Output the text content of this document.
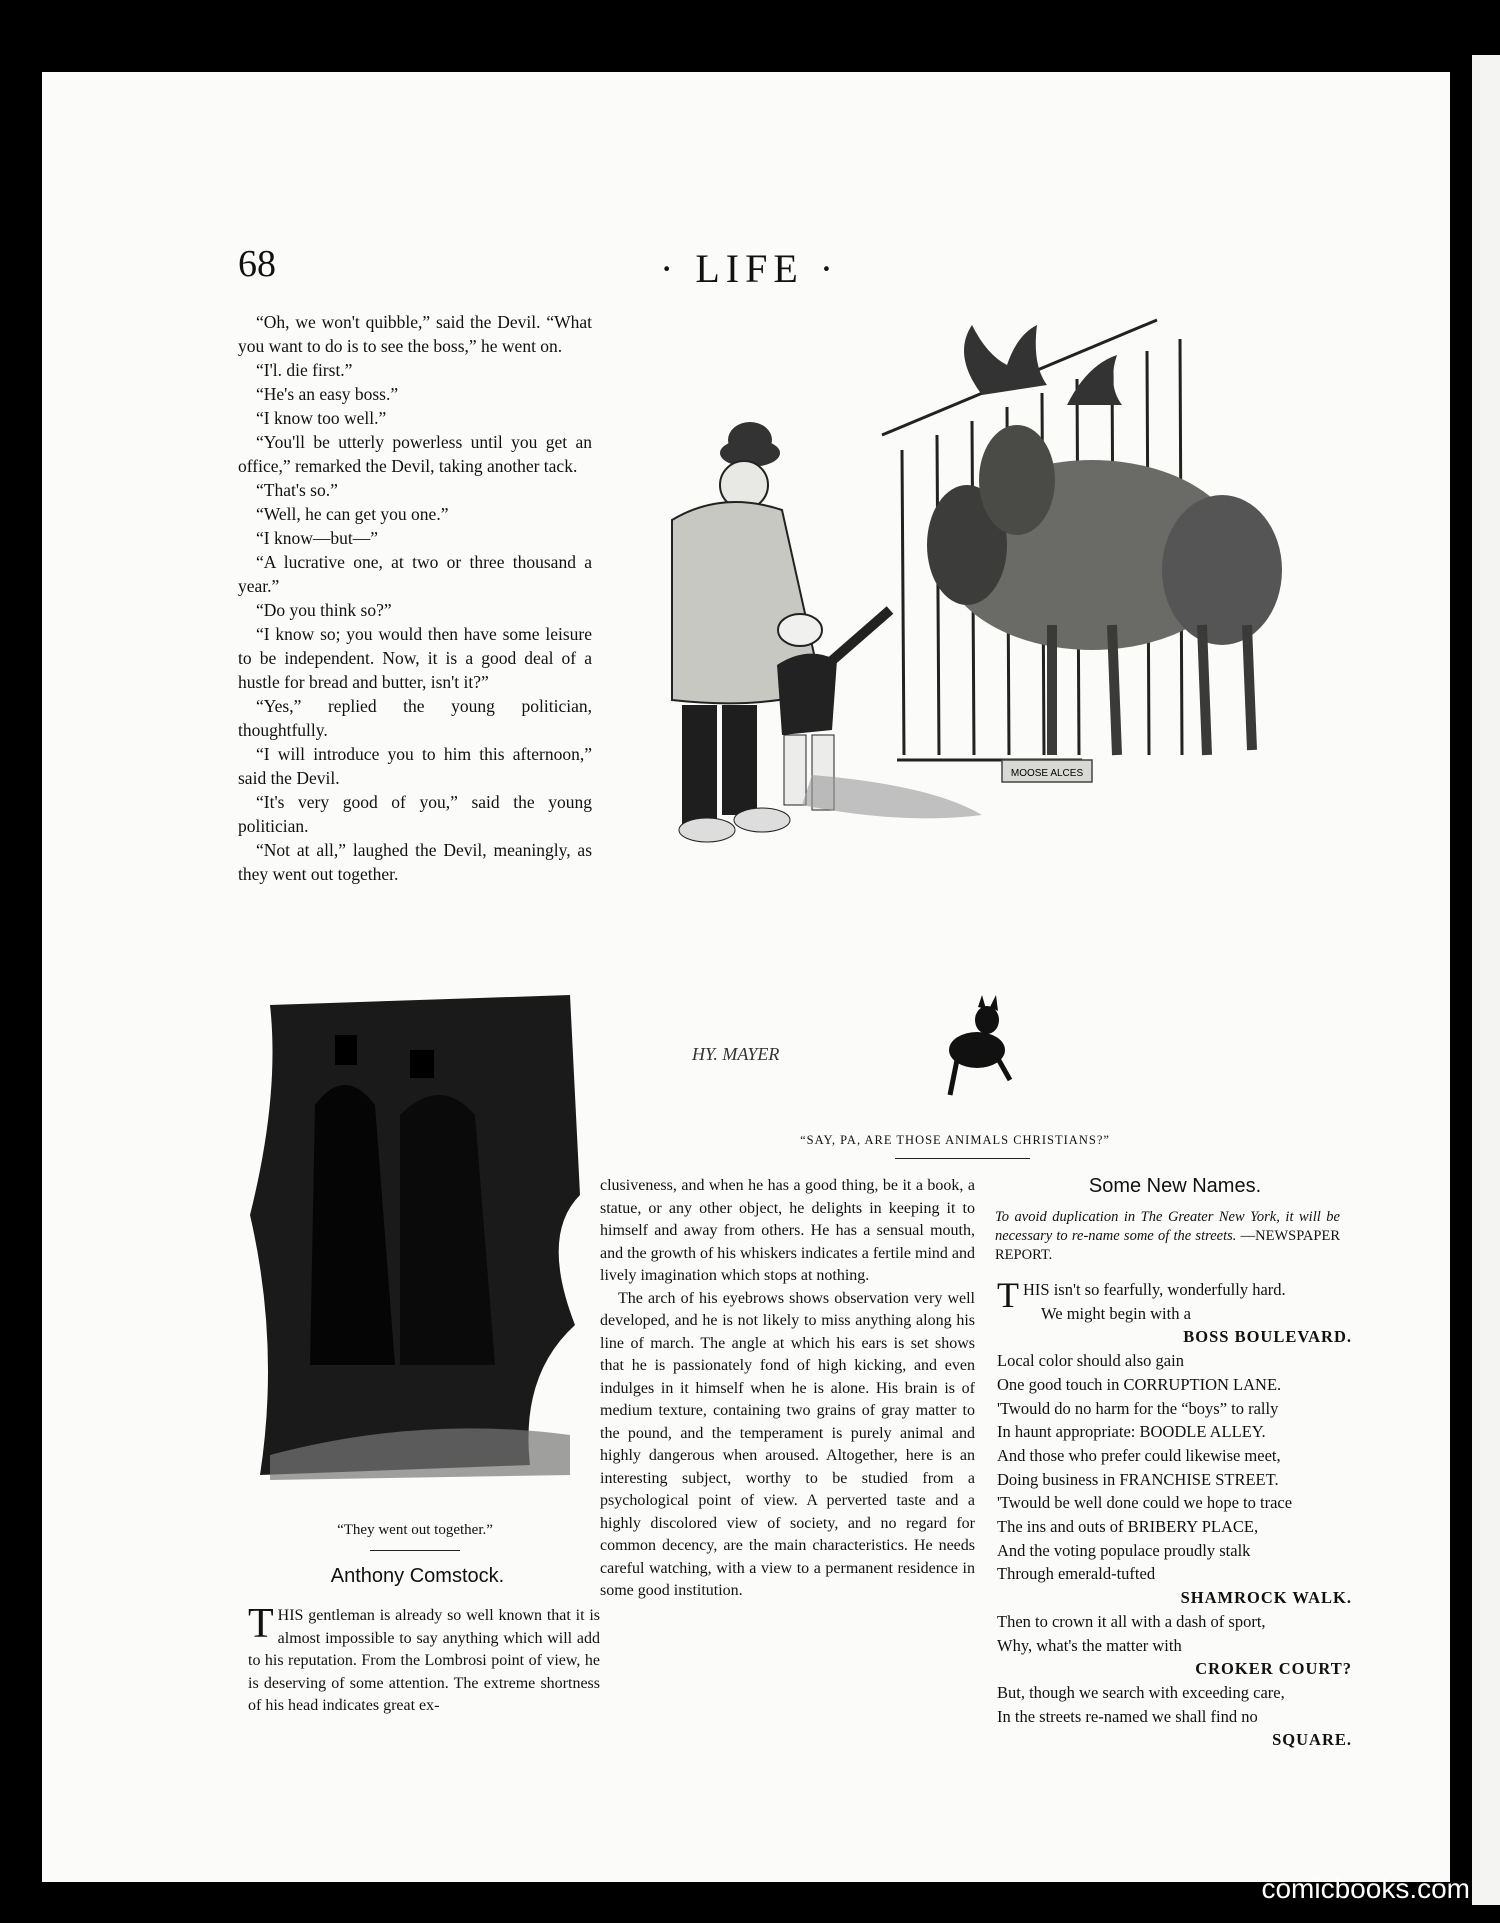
68	· LIFE ·

“Oh, we won't quibble,” said the Devil. “What you want to do is to see the boss,” he went on.

“I'l. die first.”

“He's an easy boss.”

“I know too well.”

“You'll be utterly powerless until you get an office,” remarked the Devil, taking another tack.

“That's so.”

“Well, he can get you one.”

“I know—but—”

“A lucrative one, at two or three thousand a year.”

“Do you think so?”

“I know so; you would then have some leisure to be independent. Now, it is a good deal of a hustle for bread and butter, isn't it?”

“Yes,” replied the young politician, thoughtfully.

“I will introduce you to him this afternoon,” said the Devil.

“It's very good of you,” said the young politician.

“Not at all,” laughed the Devil, meaningly, as they went out together.

MOOSE ALCES
HY. MAYER
“SAY, PA, ARE THOSE ANIMALS CHRISTIANS?”
“They went out together.”
Anthony Comstock.
THIS gentleman is already so well known that it is almost impossible to say anything which will add to his reputation. From the Lombrosi point of view, he is deserving of some attention. The extreme shortness of his head indicates great ex-

clusiveness, and when he has a good thing, be it a book, a statue, or any other object, he delights in keeping it to himself and away from others. He has a sensual mouth, and the growth of his whiskers indicates a fertile mind and lively imagination which stops at nothing.

The arch of his eyebrows shows observation very well developed, and he is not likely to miss anything along his line of march. The angle at which his ears is set shows that he is passionately fond of high kicking, and even indulges in it himself when he is alone. His brain is of medium texture, containing two grains of gray matter to the pound, and the temperament is purely animal and highly dangerous when aroused. Altogether, here is an interesting subject, worthy to be studied from a psychological point of view. A perverted taste and a highly discolored view of society, and no regard for common decency, are the main characteristics. He needs careful watching, with a view to a permanent residence in some good institution.

Some New Names.
To avoid duplication in The Greater New York, it will be necessary to re-name some of the streets. —NEWSPAPER REPORT.
THIS isn't so fearfully, wonderfully hard.
We might begin with a
BOSS BOULEVARD.
Local color should also gain
One good touch in CORRUPTION LANE.
'Twould do no harm for the “boys” to rally
In haunt appropriate: BOODLE ALLEY.
And those who prefer could likewise meet,
Doing business in FRANCHISE STREET.
'Twould be well done could we hope to trace
The ins and outs of BRIBERY PLACE,
And the voting populace proudly stalk
Through emerald-tufted
SHAMROCK WALK.
Then to crown it all with a dash of sport,
Why, what's the matter with
CROKER COURT?
But, though we search with exceeding care,
In the streets re-named we shall find no
SQUARE.
comicbooks.com
